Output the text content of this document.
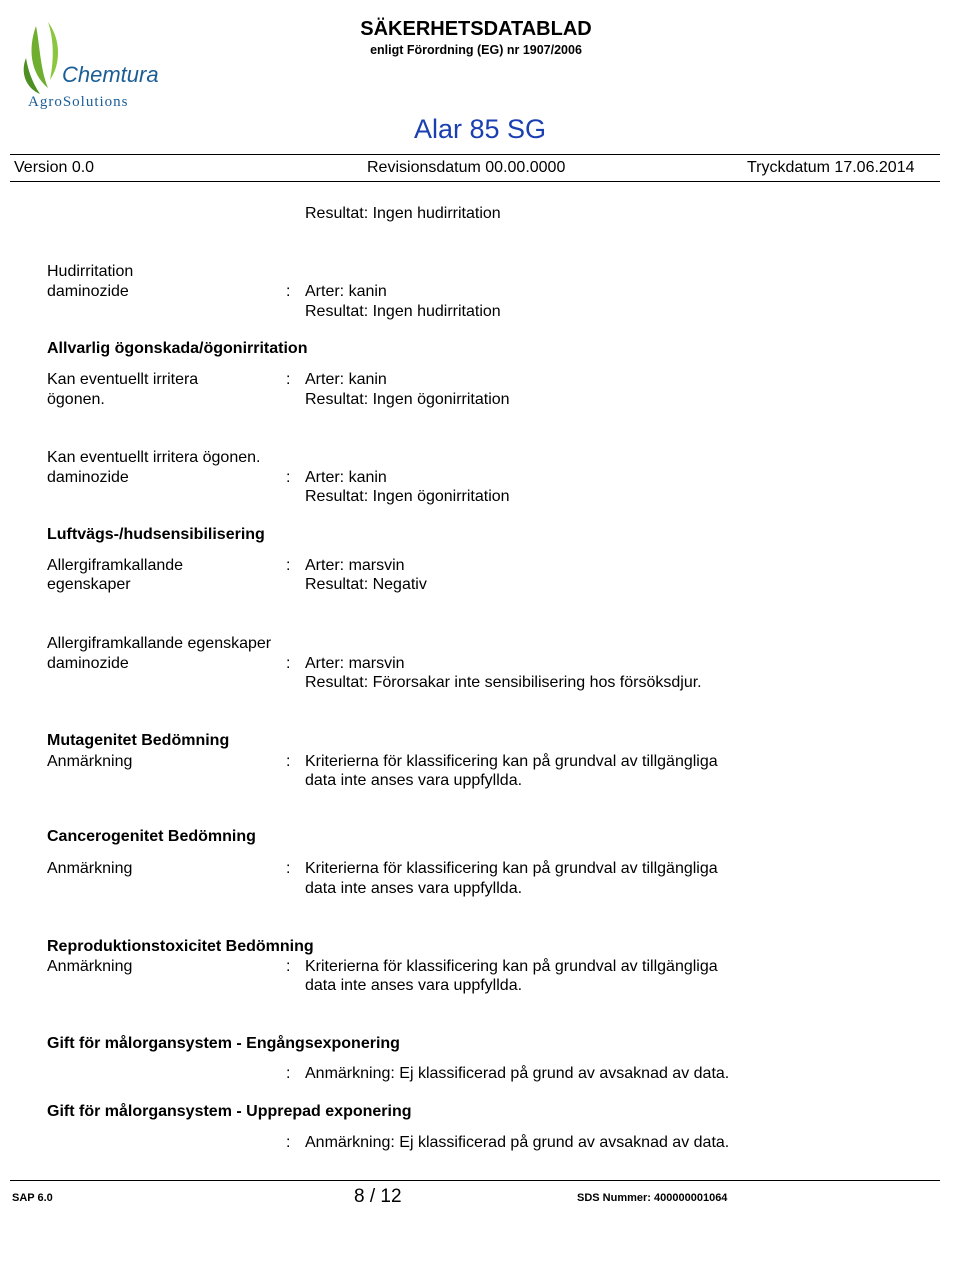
Chemtura
AgroSolutions
SÄKERHETSDATABLAD
enligt Förordning (EG) nr 1907/2006
Alar 85 SG
Version 0.0	Revisionsdatum 00.00.0000	Tryckdatum 17.06.2014
Resultat: Ingen hudirritation
Hudirritation
daminozide	: Arter: kanin
Resultat: Ingen hudirritation
Allvarlig ögonskada/ögonirritation
Kan eventuellt irritera
ögonen.
: Arter: kanin
Resultat: Ingen ögonirritation
Kan eventuellt irritera ögonen.
daminozide	: Arter: kanin
Resultat: Ingen ögonirritation
Luftvägs-/hudsensibilisering
Allergiframkallande
egenskaper
: Arter: marsvin
Resultat: Negativ
Allergiframkallande egenskaper
daminozide	: Arter: marsvin
Resultat: Förorsakar inte sensibilisering hos försöksdjur.
Mutagenitet Bedömning
Anmärkning	: Kriterierna för klassificering kan på grundval av tillgängliga
data inte anses vara uppfyllda.
Cancerogenitet Bedömning
Anmärkning	: Kriterierna för klassificering kan på grundval av tillgängliga
data inte anses vara uppfyllda.
Reproduktionstoxicitet Bedömning
Anmärkning	: Kriterierna för klassificering kan på grundval av tillgängliga
data inte anses vara uppfyllda.
Gift för målorgansystem - Engångsexponering
: Anmärkning: Ej klassificerad på grund av avsaknad av data.
Gift för målorgansystem - Upprepad exponering
: Anmärkning: Ej klassificerad på grund av avsaknad av data.
SAP 6.0	8 / 12	SDS Nummer: 400000001064
